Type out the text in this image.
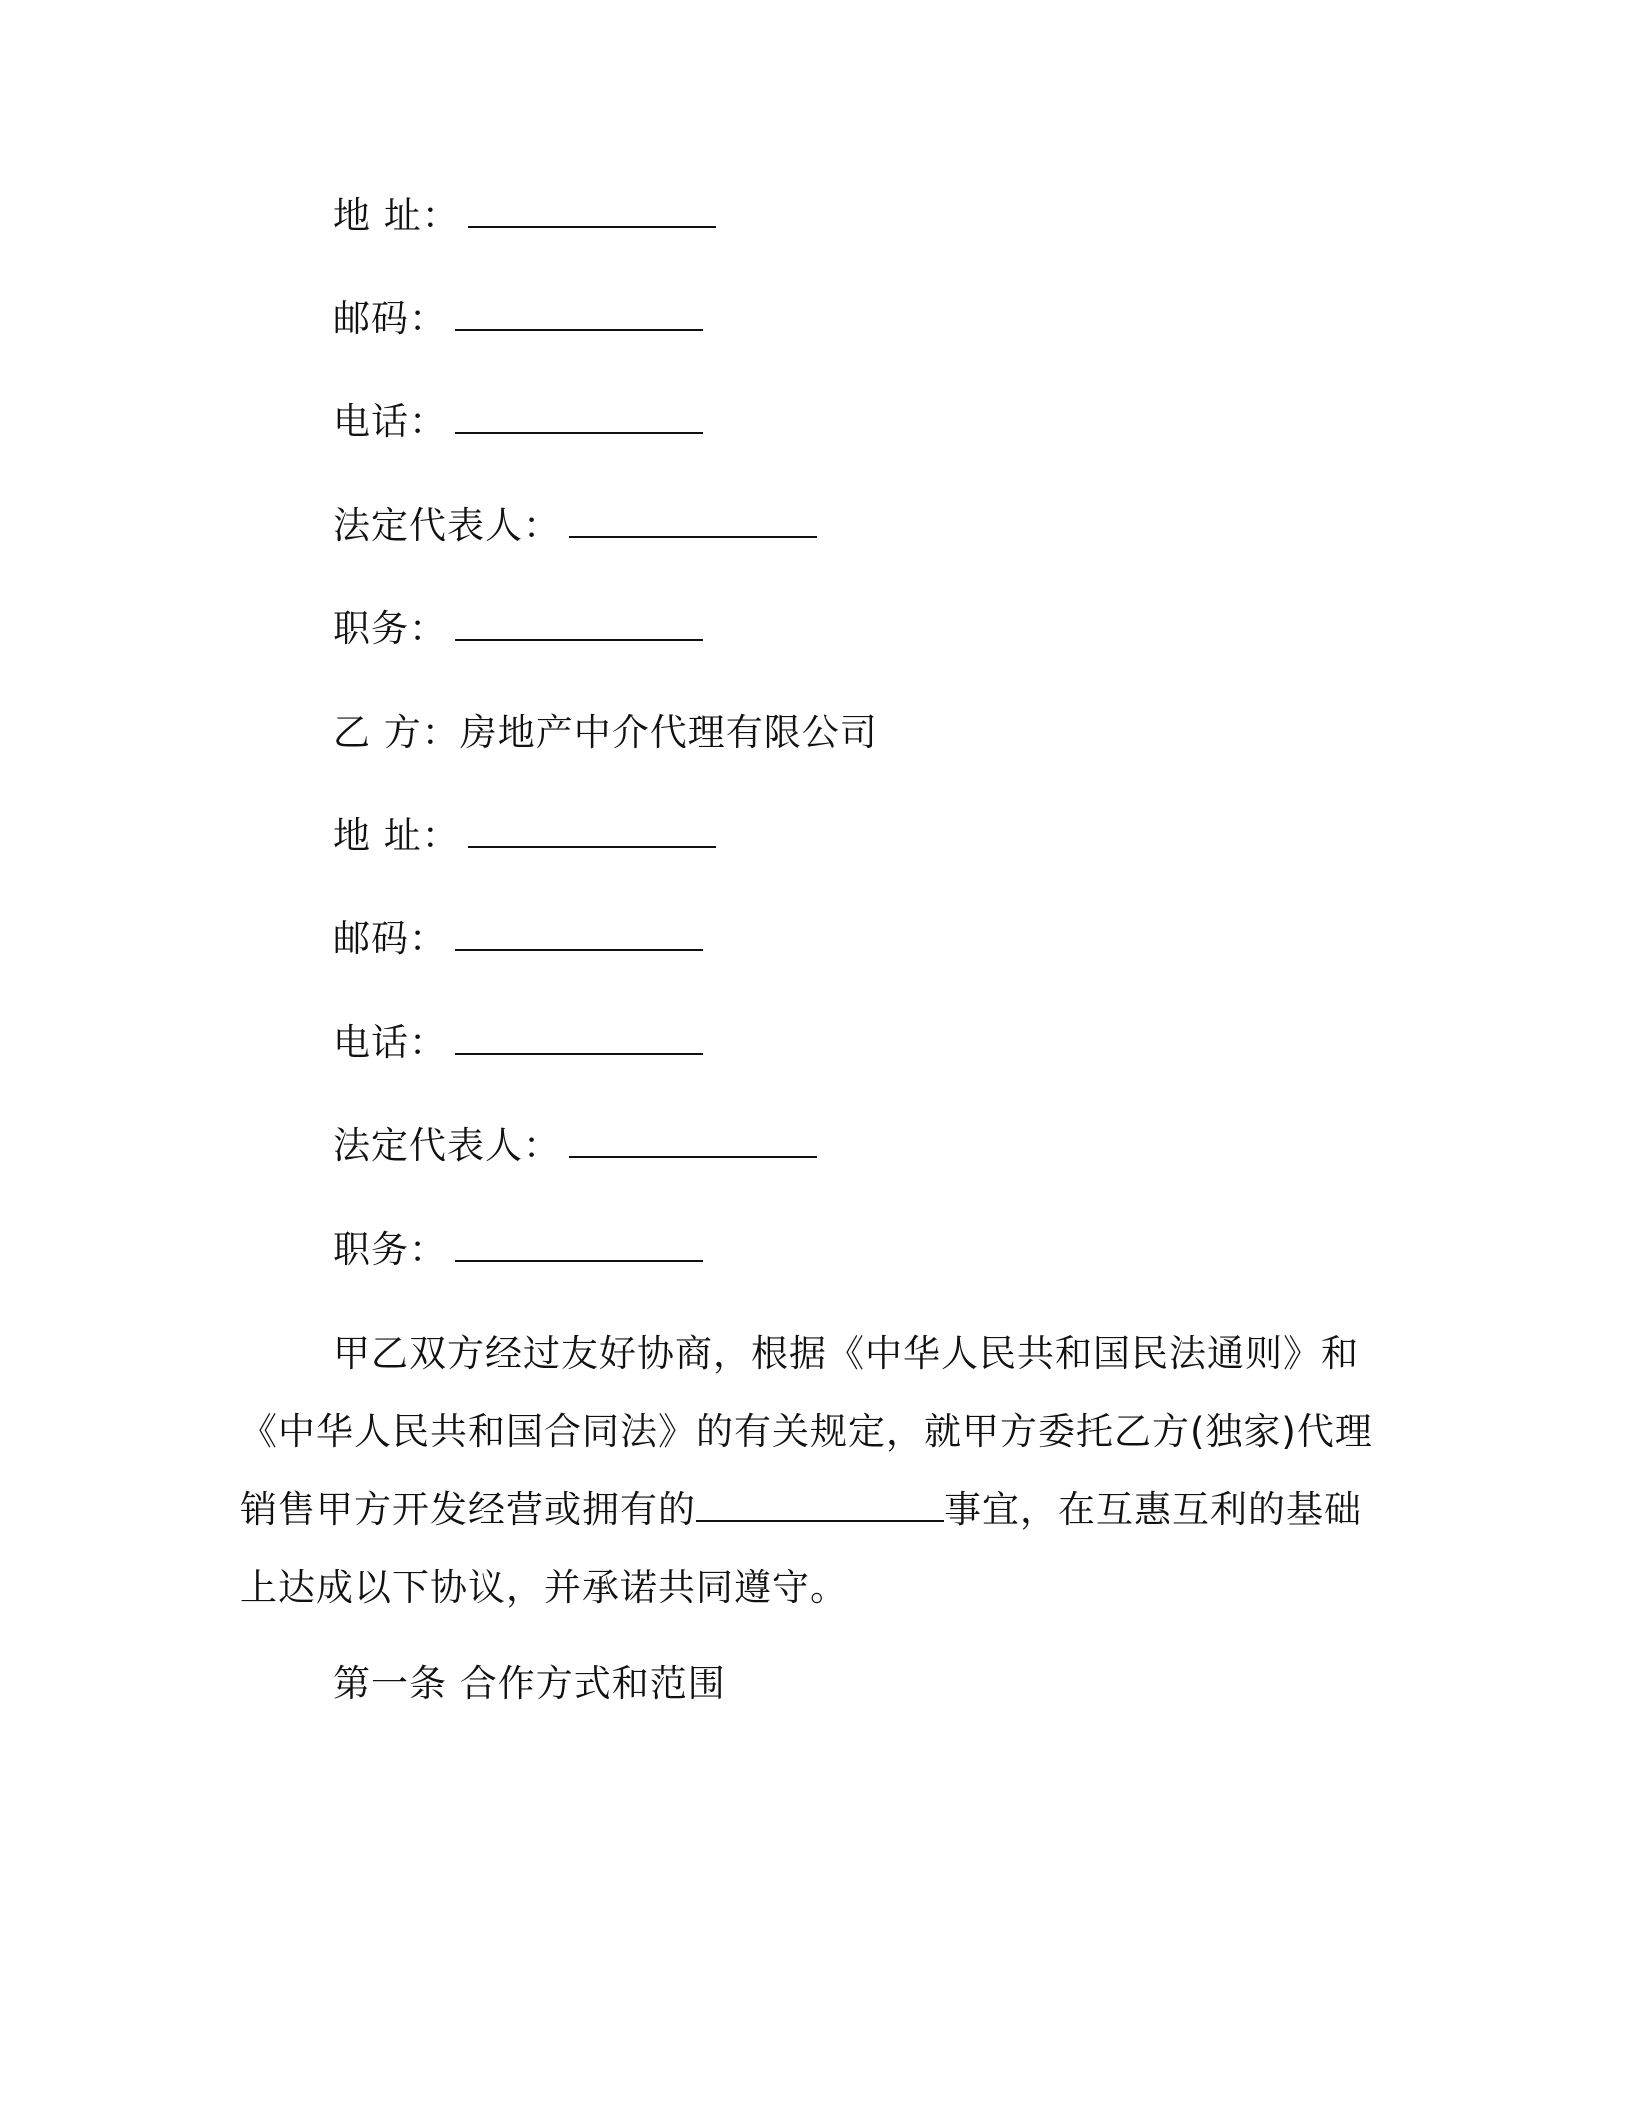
地 址：
邮码：
电话：
法定代表人：
职务：
乙 方：房地产中介代理有限公司
地 址：
邮码：
电话：
法定代表人：
职务：
甲乙双方经过友好协商，根据《中华人民共和国民法通则》和《中华人民共和国合同法》的有关规定，就甲方委托乙方(独家)代理销售甲方开发经营或拥有的	事宜，在互惠互利的基础上达成以下协议，并承诺共同遵守。
第一条 合作方式和范围
